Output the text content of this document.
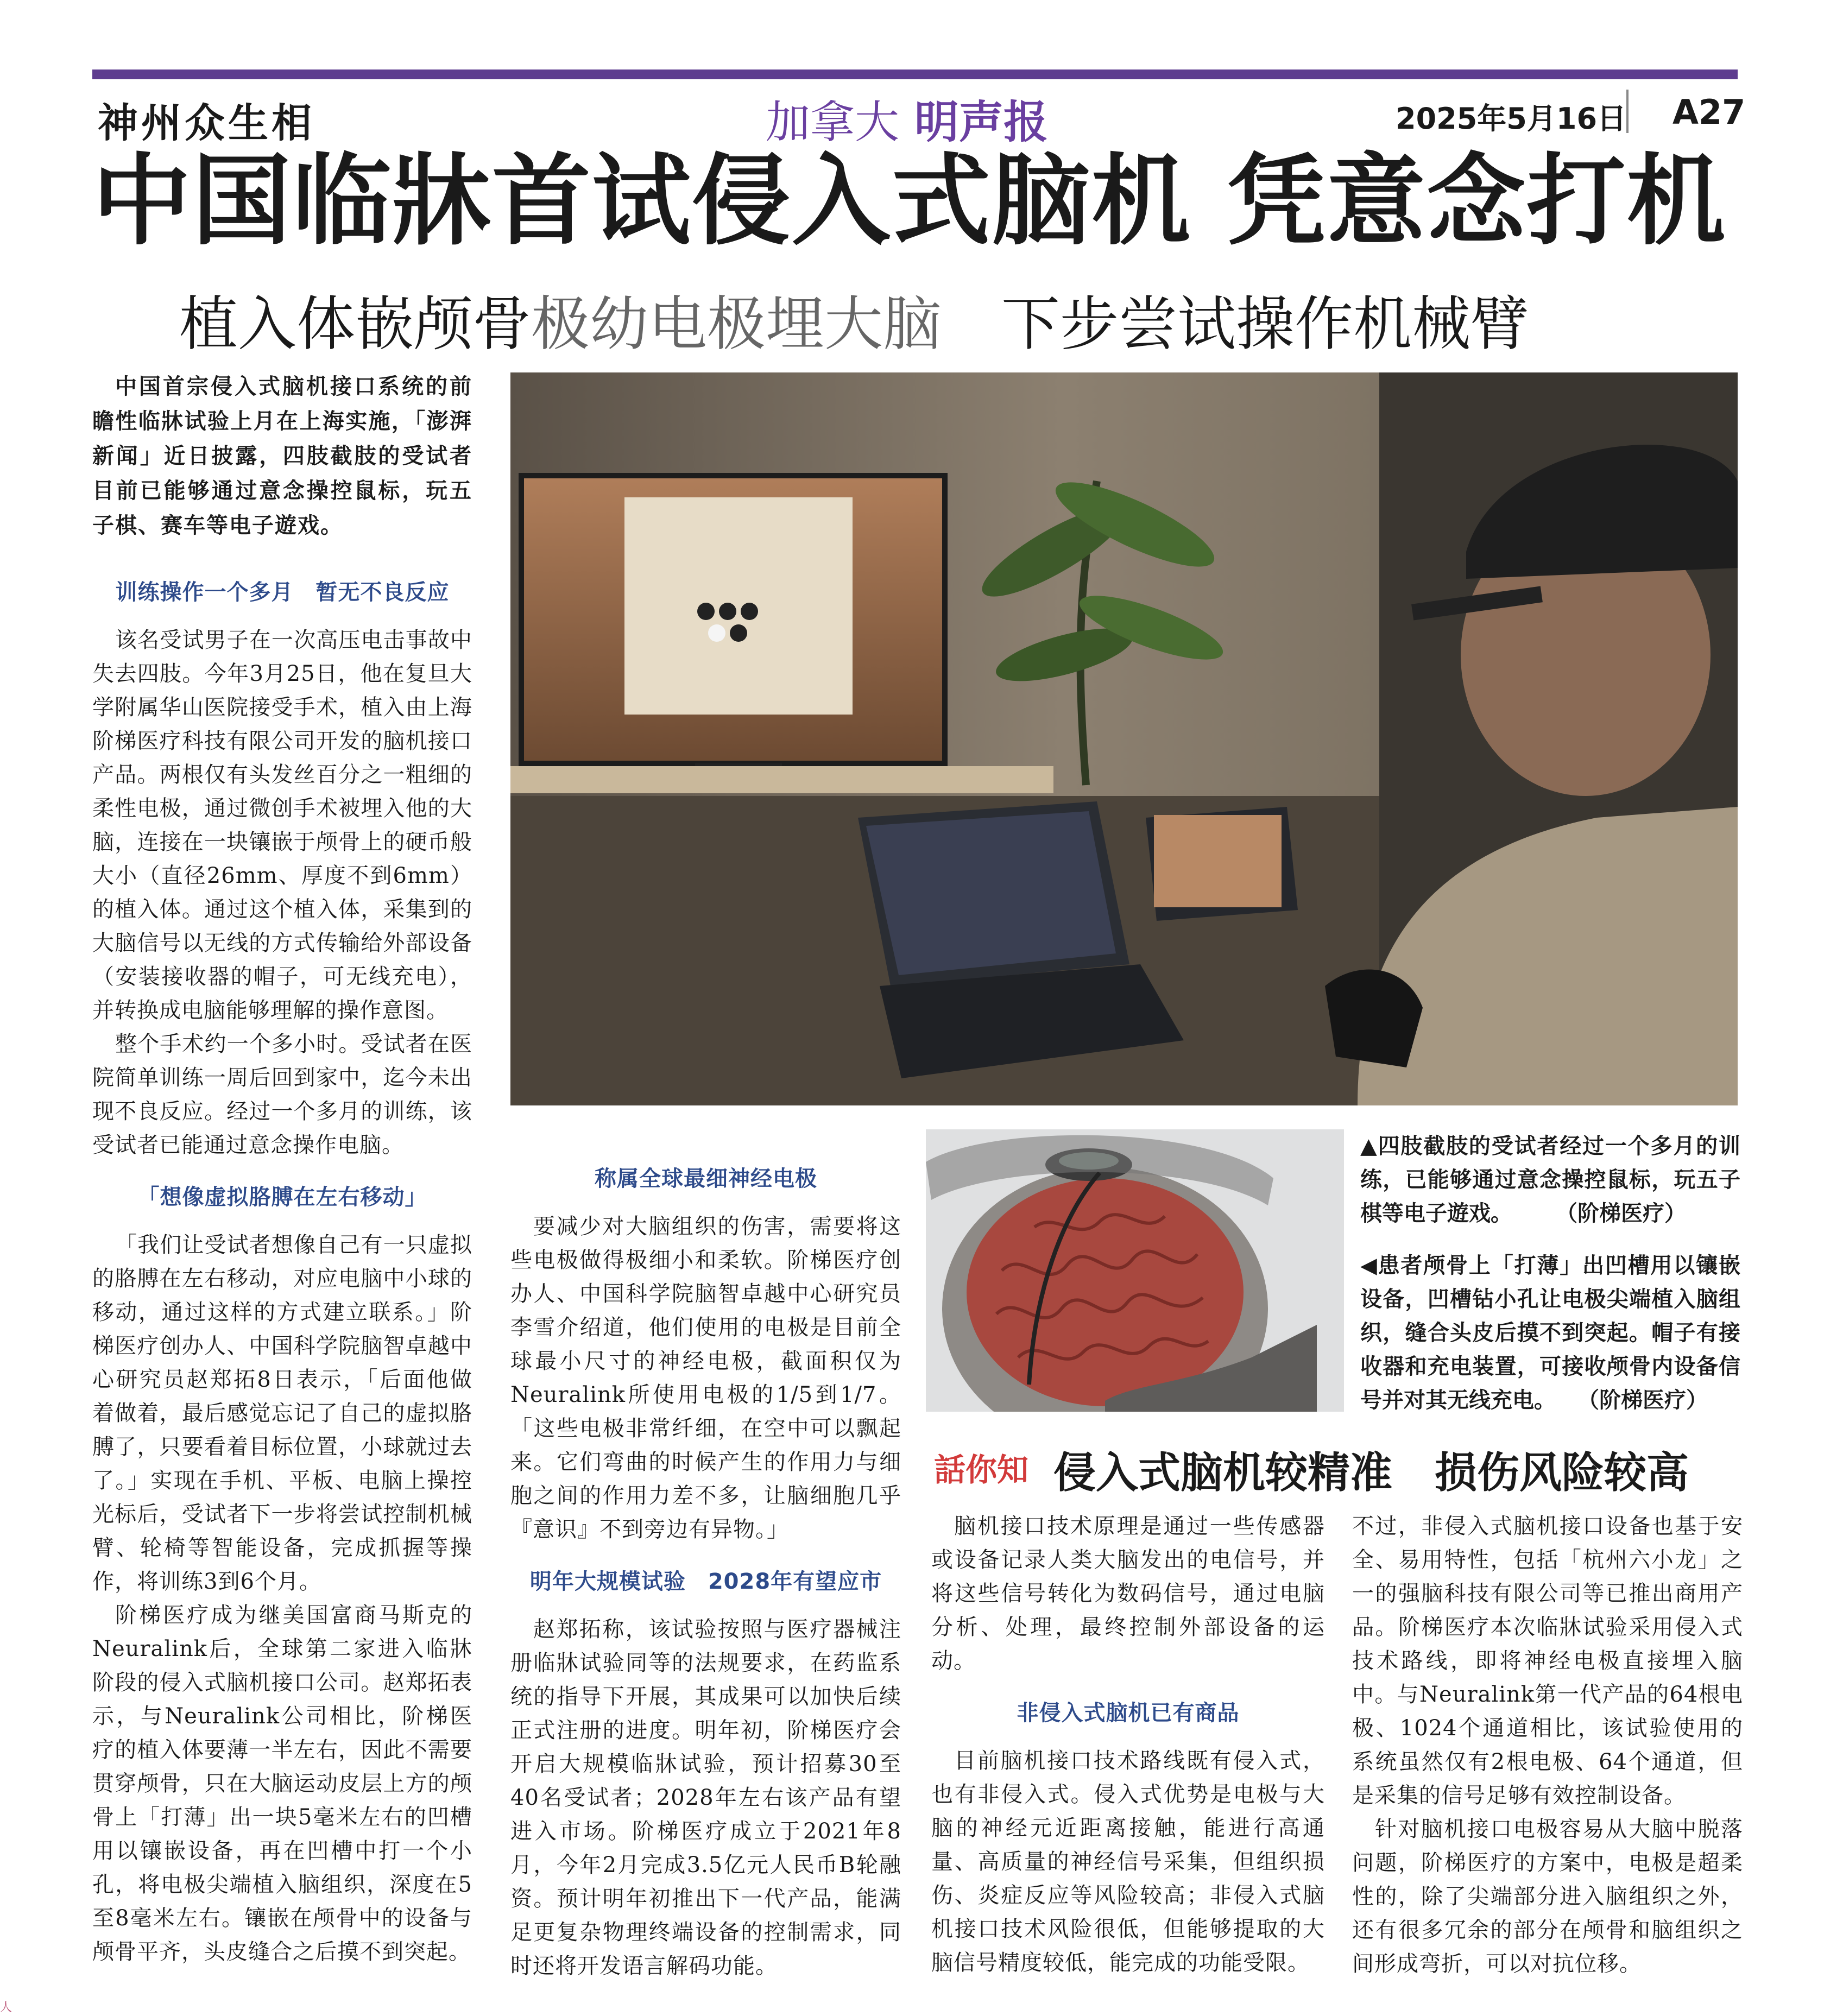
神州众生相	加拿大 明声报	2025年5月16日 A27
中国临牀首试侵入式脑机 凭意念打机
植入体嵌颅骨极幼电极埋大脑 下步尝试操作机械臂
中国首宗侵入式脑机接口系统的前瞻性临牀试验上月在上海实施，「澎湃新闻」近日披露，四肢截肢的受试者目前已能够通过意念操控鼠标，玩五子棋、赛车等电子遊戏。
训练操作一个多月　暂无不良反应

该名受试男子在一次高压电击事故中失去四肢。今年3月25日，他在复旦大学附属华山医院接受手术，植入由上海阶梯医疗科技有限公司开发的脑机接口产品。两根仅有头发丝百分之一粗细的柔性电极，通过微创手术被埋入他的大脑，连接在一块镶嵌于颅骨上的硬币般大小（直径26mm、厚度不到6mm）的植入体。通过这个植入体，采集到的大脑信号以无线的方式传输给外部设备（安装接收器的帽子，可无线充电），并转换成电脑能够理解的操作意图。

整个手术约一个多小时。受试者在医院简单训练一周后回到家中，迄今未出现不良反应。经过一个多月的训练，该受试者已能通过意念操作电脑。

「想像虚拟胳膊在左右移动」

「我们让受试者想像自己有一只虚拟的胳膊在左右移动，对应电脑中小球的移动，通过这样的方式建立联系。」阶梯医疗创办人、中国科学院脑智卓越中心研究员赵郑拓8日表示，「后面他做着做着，最后感觉忘记了自己的虚拟胳膊了，只要看着目标位置，小球就过去了。」实现在手机、平板、电脑上操控光标后，受试者下一步将尝试控制机械臂、轮椅等智能设备，完成抓握等操作，将训练3到6个月。

阶梯医疗成为继美国富商马斯克的Neuralink后，全球第二家进入临牀阶段的侵入式脑机接口公司。赵郑拓表示，与Neuralink公司相比，阶梯医疗的植入体要薄一半左右，因此不需要贯穿颅骨，只在大脑运动皮层上方的颅骨上「打薄」出一块5毫米左右的凹槽用以镶嵌设备，再在凹槽中打一个小孔，将电极尖端植入脑组织，深度在5至8毫米左右。镶嵌在颅骨中的设备与颅骨平齐，头皮缝合之后摸不到突起。

称属全球最细神经电极

要减少对大脑组织的伤害，需要将这些电极做得极细小和柔软。阶梯医疗创办人、中国科学院脑智卓越中心研究员李雪介绍道，他们使用的电极是目前全球最小尺寸的神经电极，截面积仅为Neuralink所使用电极的1/5到1/7。「这些电极非常纤细，在空中可以飘起来。它们弯曲的时候产生的作用力与细胞之间的作用力差不多，让脑细胞几乎『意识』不到旁边有异物。」

明年大规模试验　2028年有望应市

赵郑拓称，该试验按照与医疗器械注册临牀试验同等的法规要求，在药监系统的指导下开展，其成果可以加快后续正式注册的进度。明年初，阶梯医疗会开启大规模临牀试验，预计招募30至40名受试者；2028年左右该产品有望进入市场。阶梯医疗成立于2021年8月，今年2月完成3.5亿元人民币B轮融资。预计明年初推出下一代产品，能满足更复杂物理终端设备的控制需求，同时还将开发语言解码功能。

▲四肢截肢的受试者经过一个多月的训练，已能够通过意念操控鼠标，玩五子棋等电子遊戏。　　　（阶梯医疗）
◀患者颅骨上「打薄」出凹槽用以镶嵌设备，凹槽钻小孔让电极尖端植入脑组织，缝合头皮后摸不到突起。帽子有接收器和充电装置，可接收颅骨内设备信号并对其无线充电。　　（阶梯医疗）
話你知 侵入式脑机较精准　损伤风险较高

脑机接口技术原理是通过一些传感器或设备记录人类大脑发出的电信号，并将这些信号转化为数码信号，通过电脑分析、处理，最终控制外部设备的运动。

非侵入式脑机已有商品

目前脑机接口技术路线既有侵入式，也有非侵入式。侵入式优势是电极与大脑的神经元近距离接触，能进行高通量、高质量的神经信号采集，但组织损伤、炎症反应等风险较高；非侵入式脑机接口技术风险很低，但能够提取的大脑信号精度较低，能完成的功能受限。

不过，非侵入式脑机接口设备也基于安全、易用特性，包括「杭州六小龙」之一的强脑科技有限公司等已推出商用产品。阶梯医疗本次临牀试验采用侵入式技术路线，即将神经电极直接埋入脑中。与Neuralink第一代产品的64根电极、1024个通道相比，该试验使用的系统虽然仅有2根电极、64个通道，但是采集的信号足够有效控制设备。

针对脑机接口电极容易从大脑中脱落问题，阶梯医疗的方案中，电极是超柔性的，除了尖端部分进入脑组织之外，还有很多冗余的部分在颅骨和脑组织之间形成弯折，可以对抗位移。

人
